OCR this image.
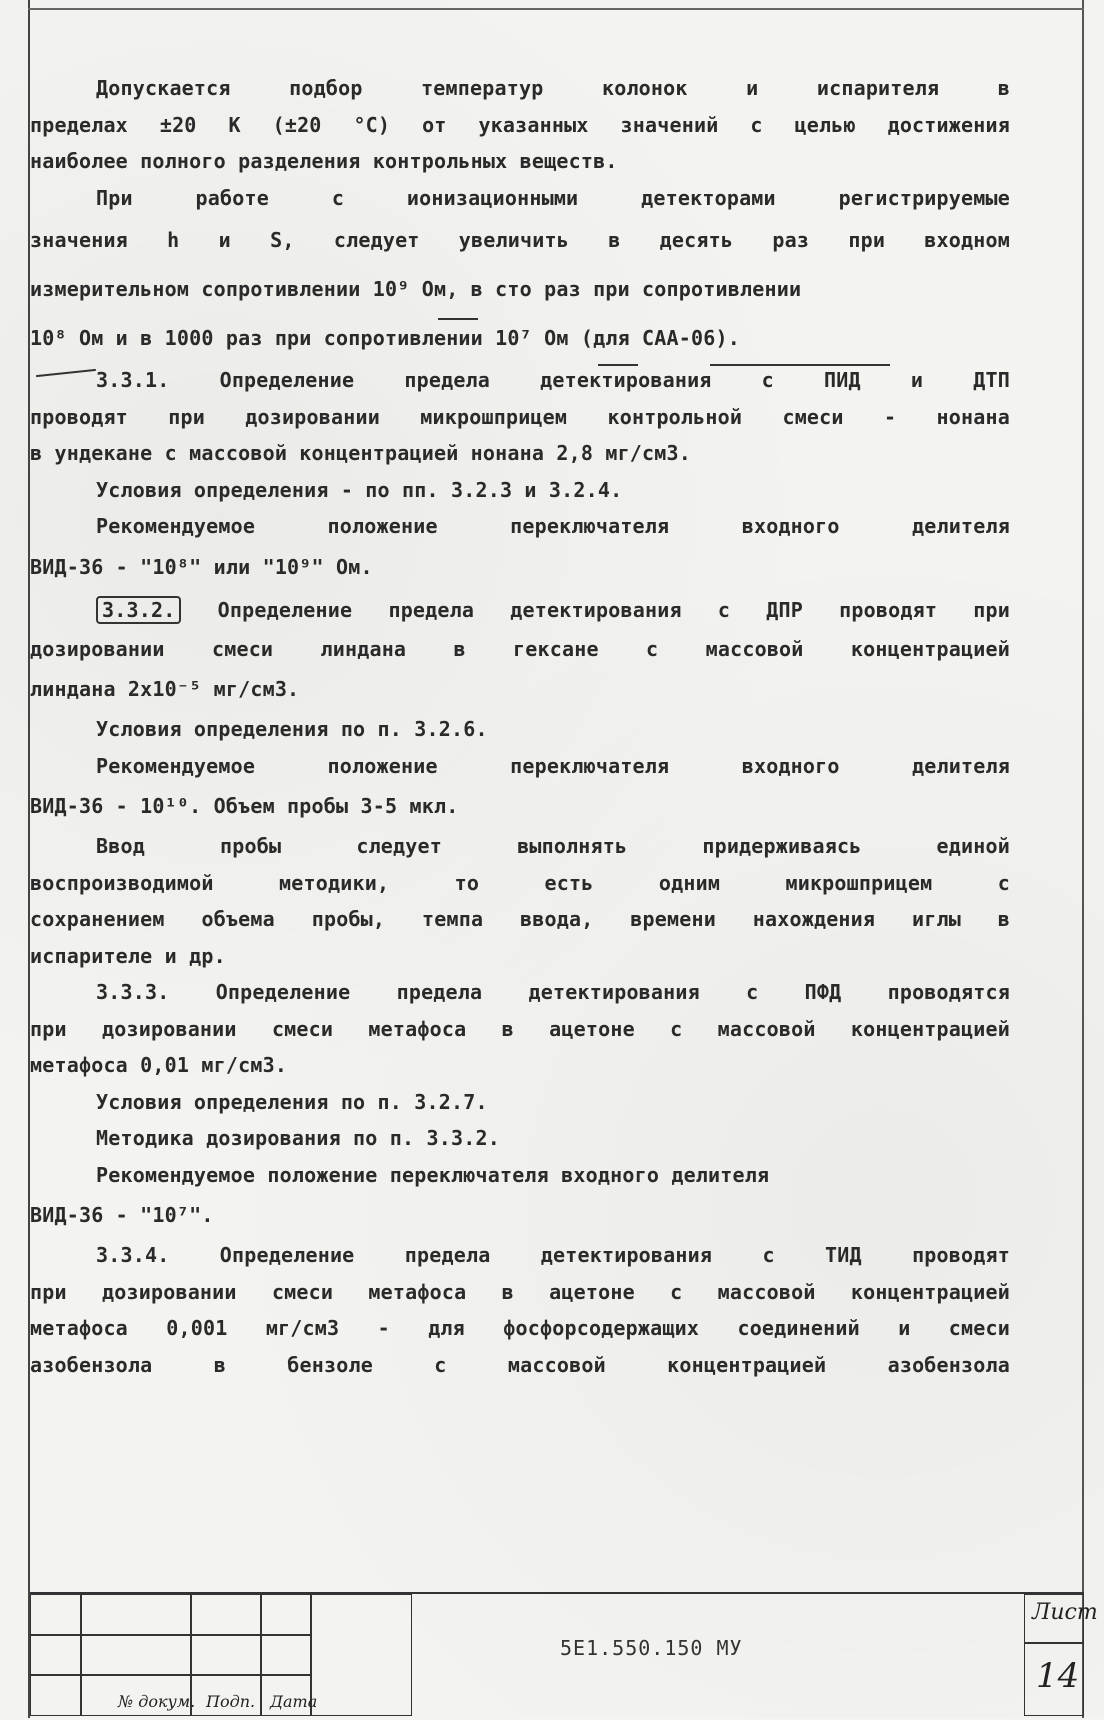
Допускается подбор температур колонок и испарителя в

пределах ±20 К (±20 °С) от указанных значений с целью достижения

наиболее полного разделения контрольных веществ.

При работе с ионизационными детекторами регистрируемые

значения h и S, следует увеличить в десять раз при входном

измерительном сопротивлении 10⁹ Ом, в сто раз при сопротивлении

10⁸ Ом и в 1000 раз при сопротивлении 10⁷ Ом (для САА-06).

3.3.1. Определение предела детектирования с ПИД и ДТП

проводят при дозировании микрошприцем контрольной смеси - нонана

в ундекане с массовой концентрацией нонана 2,8 мг/см3.

Условия определения - по пп. 3.2.3 и 3.2.4.

Рекомендуемое положение переключателя входного делителя

ВИД-36 - "10⁸" или "10⁹" Ом.

3.3.2. Определение предела детектирования с ДПР проводят при

дозировании смеси линдана в гексане с массовой концентрацией

линдана 2х10⁻⁵ мг/см3.

Условия определения по п. 3.2.6.

Рекомендуемое положение переключателя входного делителя

ВИД-36 - 10¹⁰. Объем пробы 3-5 мкл.

Ввод пробы следует выполнять придерживаясь единой

воспроизводимой методики, то есть одним микрошприцем с

сохранением объема пробы, темпа ввода, времени нахождения иглы в

испарителе и др.

3.3.3. Определение предела детектирования с ПФД проводятся

при дозировании смеси метафоса в ацетоне с массовой концентрацией

метафоса 0,01 мг/см3.

Условия определения по п. 3.2.7.

Методика дозирования по п. 3.3.2.

Рекомендуемое положение переключателя входного делителя

ВИД-36 - "10⁷".

3.3.4. Определение предела детектирования с ТИД проводят

при дозировании смеси метафоса в ацетоне с массовой концентрацией

метафоса 0,001 мг/см3 - для фосфорсодержащих соединений и смеси

азобензола в бензоле с массовой концентрацией азобензола

№ докум. Подп. Дата
5Е1.550.150 МУ
Лист
14
